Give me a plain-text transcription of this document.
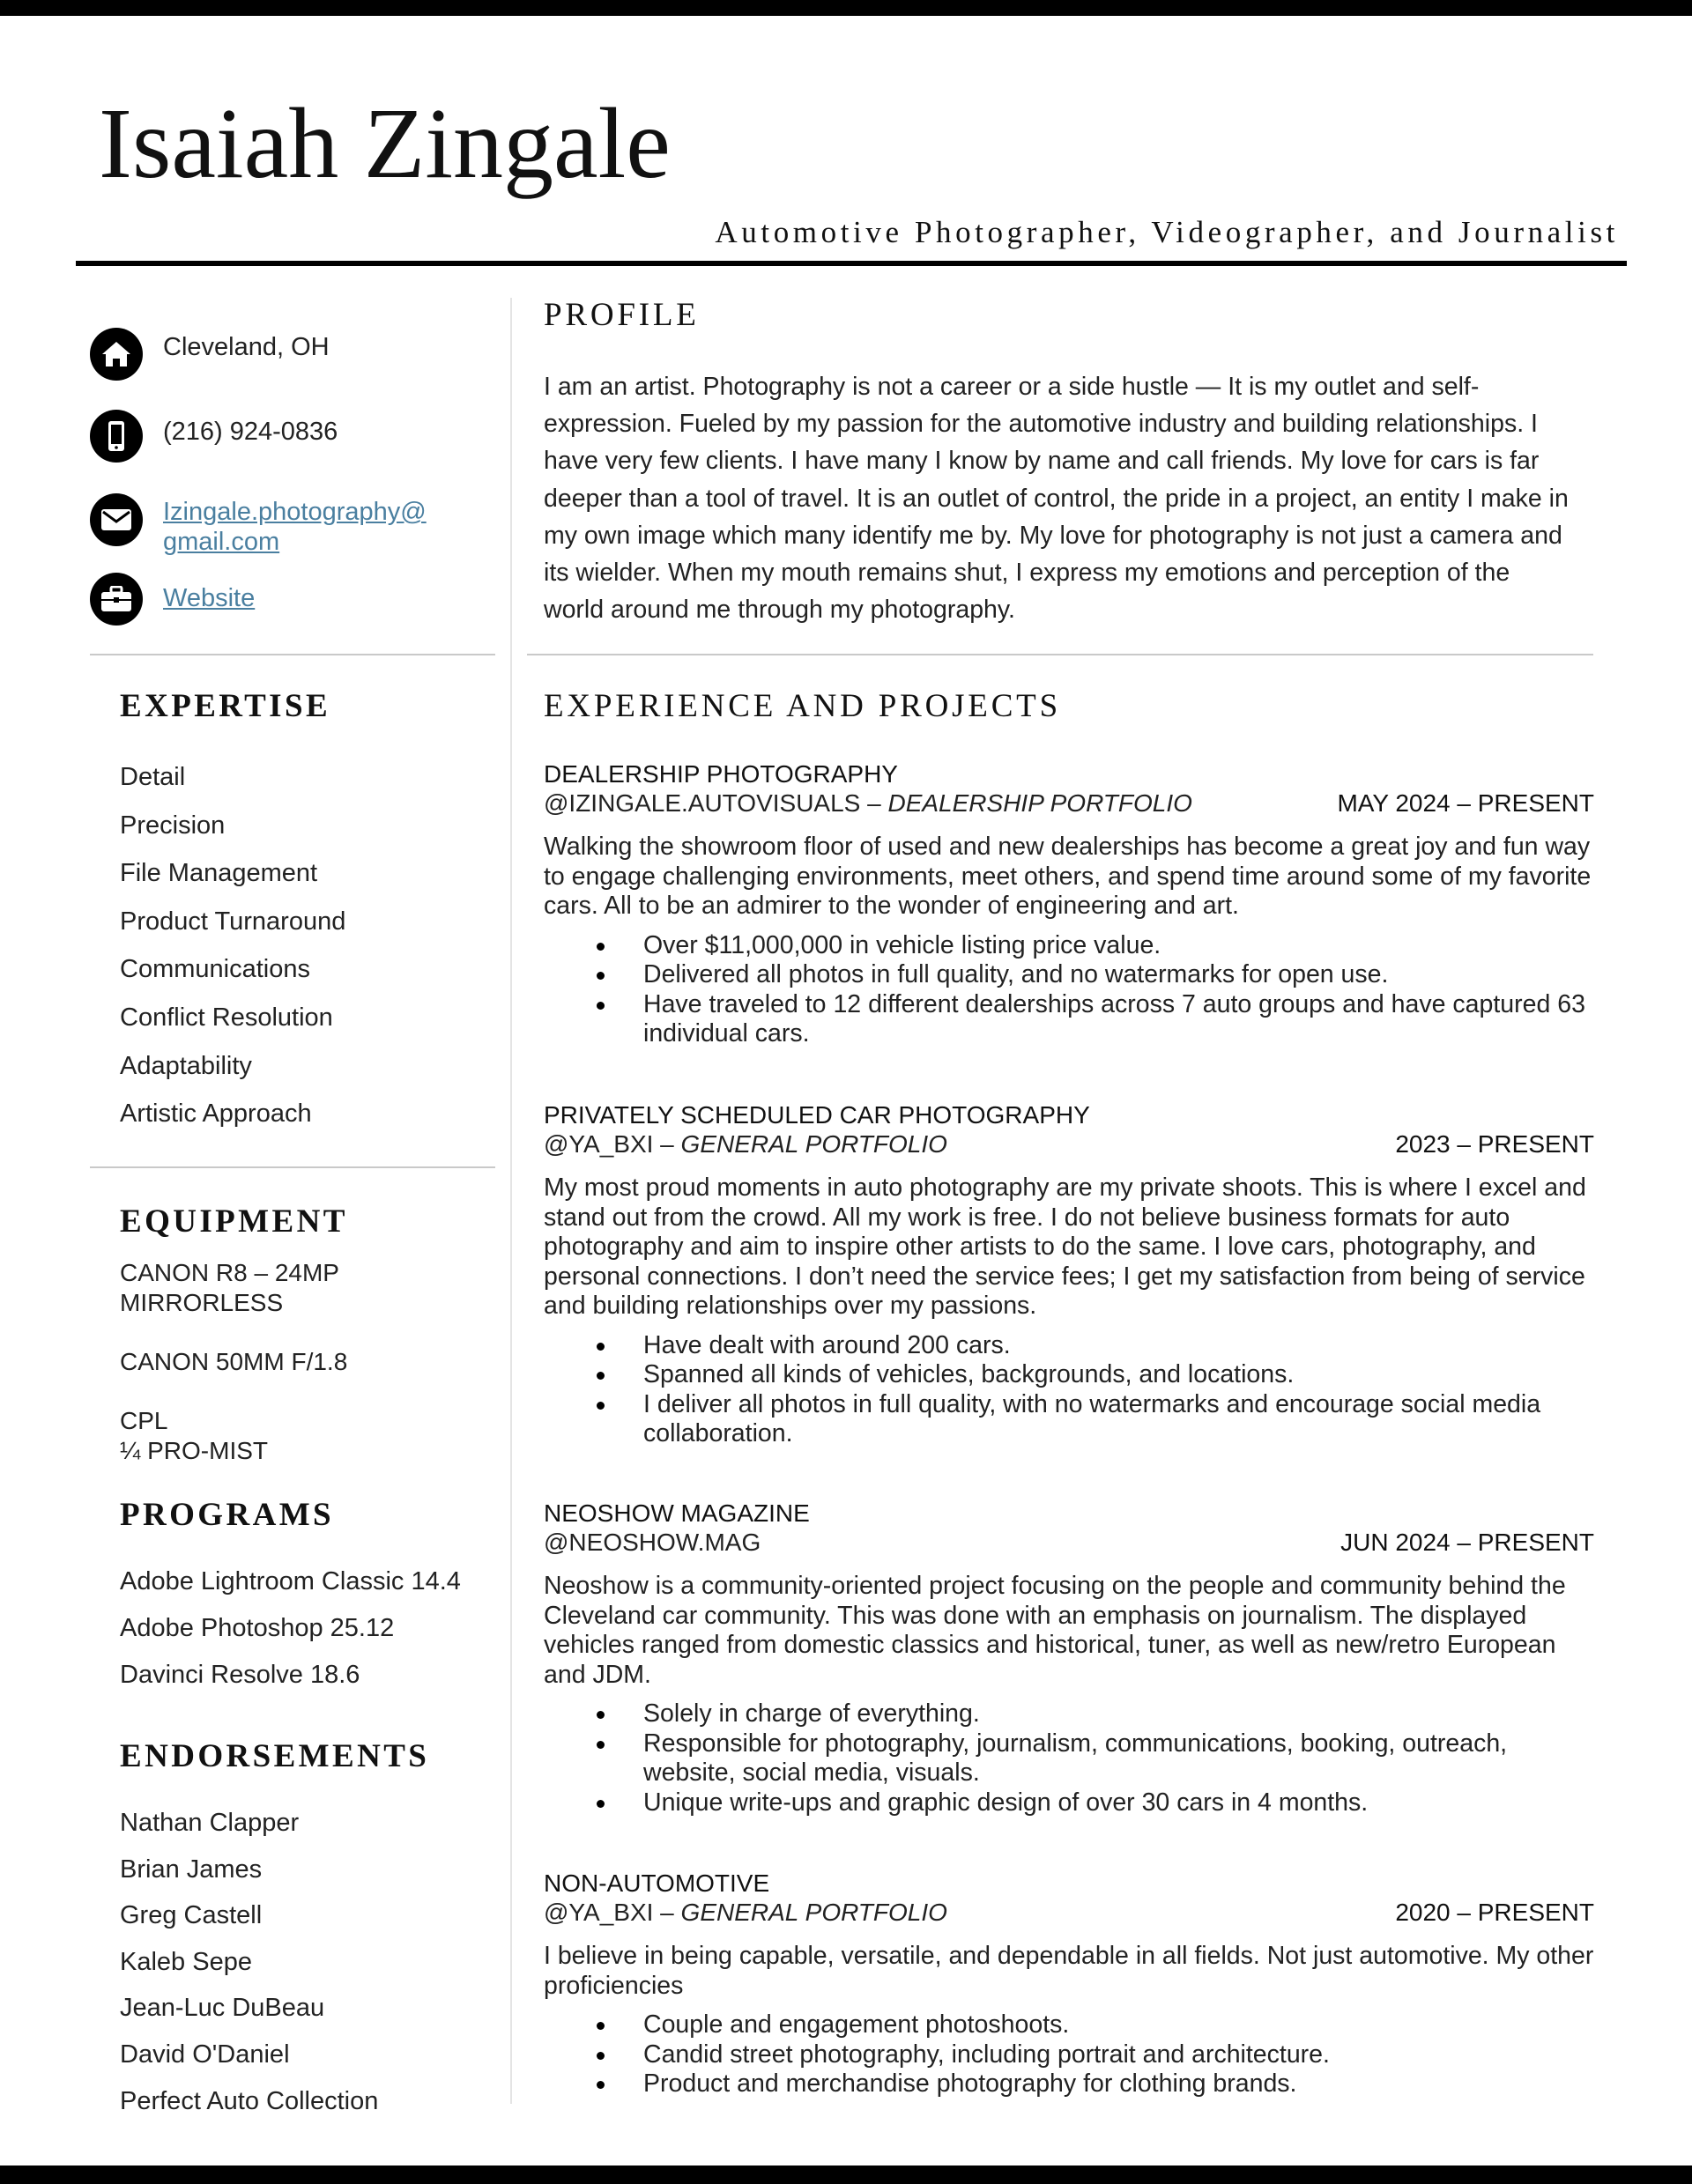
Isaiah Zingale
Automotive Photographer, Videographer, and Journalist
Cleveland, OH
(216) 924-0836
Izingale.photography@
gmail.com
Website
EXPERTISE
Detail
Precision
File Management
Product Turnaround
Communications
Conflict Resolution
Adaptability
Artistic Approach
EQUIPMENT
CANON R8 – 24MP
MIRRORLESS
CANON 50MM F/1.8
CPL
¼ PRO-MIST
PROGRAMS
Adobe Lightroom Classic 14.4
Adobe Photoshop 25.12
Davinci Resolve 18.6
ENDORSEMENTS
Nathan Clapper
Brian James
Greg Castell
Kaleb Sepe
Jean-Luc DuBeau
David O'Daniel
Perfect Auto Collection
PROFILE

I am an artist. Photography is not a career or a side hustle — It is my outlet and self-expression. Fueled by my passion for the automotive industry and building relationships. I have very few clients. I have many I know by name and call friends. My love for cars is far deeper than a tool of travel. It is an outlet of control, the pride in a project, an entity I make in my own image which many identify me by. My love for photography is not just a camera and its wielder. When my mouth remains shut, I express my emotions and perception of the world around me through my photography.

EXPERIENCE AND PROJECTS
DEALERSHIP PHOTOGRAPHY
@IZINGALE.AUTOVISUALS – DEALERSHIP PORTFOLIO	MAY 2024 – PRESENT

Walking the showroom floor of used and new dealerships has become a great joy and fun way to engage challenging environments, meet others, and spend time around some of my favorite cars. All to be an admirer to the wonder of engineering and art.

Over $11,000,000 in vehicle listing price value.
Delivered all photos in full quality, and no watermarks for open use.
Have traveled to 12 different dealerships across 7 auto groups and have captured 63 individual cars.
PRIVATELY SCHEDULED CAR PHOTOGRAPHY
@YA_BXI – GENERAL PORTFOLIO	2023 – PRESENT

My most proud moments in auto photography are my private shoots. This is where I excel and stand out from the crowd. All my work is free. I do not believe business formats for auto photography and aim to inspire other artists to do the same. I love cars, photography, and personal connections. I don’t need the service fees; I get my satisfaction from being of service and building relationships over my passions.

Have dealt with around 200 cars.
Spanned all kinds of vehicles, backgrounds, and locations.
I deliver all photos in full quality, with no watermarks and encourage social media collaboration.
NEOSHOW MAGAZINE
@NEOSHOW.MAG	JUN 2024 – PRESENT

Neoshow is a community-oriented project focusing on the people and community behind the Cleveland car community. This was done with an emphasis on journalism. The displayed vehicles ranged from domestic classics and historical, tuner, as well as new/retro European and JDM.

Solely in charge of everything.
Responsible for photography, journalism, communications, booking, outreach, website, social media, visuals.
Unique write-ups and graphic design of over 30 cars in 4 months.
NON-AUTOMOTIVE
@YA_BXI – GENERAL PORTFOLIO	2020 – PRESENT

I believe in being capable, versatile, and dependable in all fields. Not just automotive. My other proficiencies

Couple and engagement photoshoots.
Candid street photography, including portrait and architecture.
Product and merchandise photography for clothing brands.
